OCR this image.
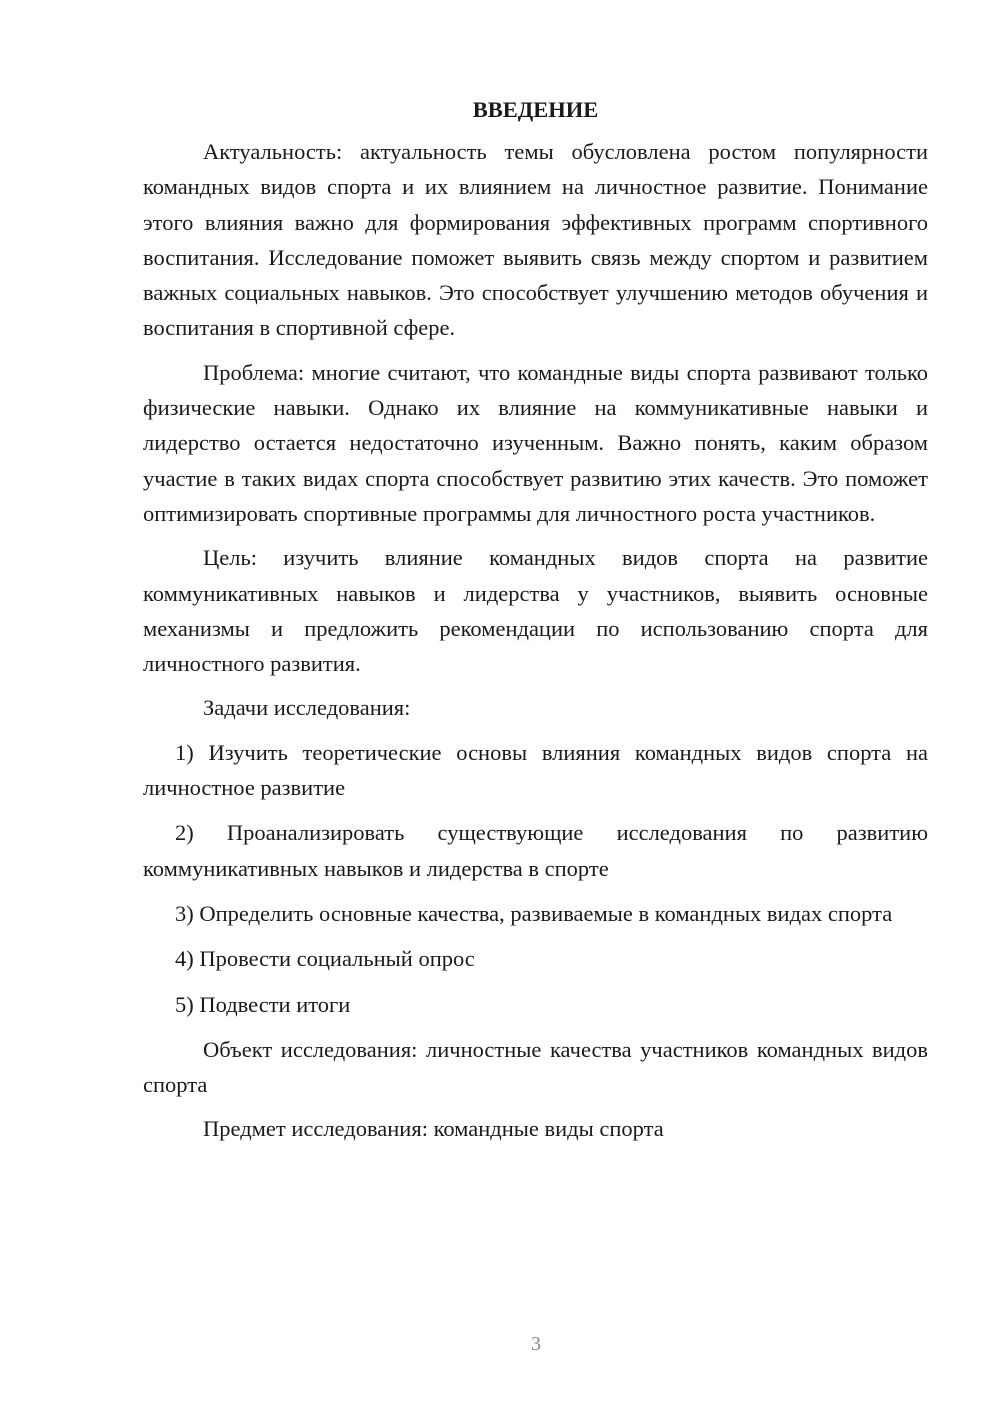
ВВЕДЕНИЕ

Актуальность: актуальность темы обусловлена ростом популярности командных видов спорта и их влиянием на личностное развитие. Понимание этого влияния важно для формирования эффективных программ спортивного воспитания. Исследование поможет выявить связь между спортом и развитием важных социальных навыков. Это способствует улучшению методов обучения и воспитания в спортивной сфере.

Проблема: многие считают, что командные виды спорта развивают только физические навыки. Однако их влияние на коммуникативные навыки и лидерство остается недостаточно изученным. Важно понять, каким образом участие в таких видах спорта способствует развитию этих качеств. Это поможет оптимизировать спортивные программы для личностного роста участников.

Цель: изучить влияние командных видов спорта на развитие коммуникативных навыков и лидерства у участников, выявить основные механизмы и предложить рекомендации по использованию спорта для личностного развития.

Задачи исследования:

1) Изучить теоретические основы влияния командных видов спорта на личностное развитие

2) Проанализировать существующие исследования по развитию коммуникативных навыков и лидерства в спорте

3) Определить основные качества, развиваемые в командных видах спорта

4) Провести социальный опрос

5) Подвести итоги

Объект исследования: личностные качества участников командных видов спорта

Предмет исследования: командные виды спорта

3
